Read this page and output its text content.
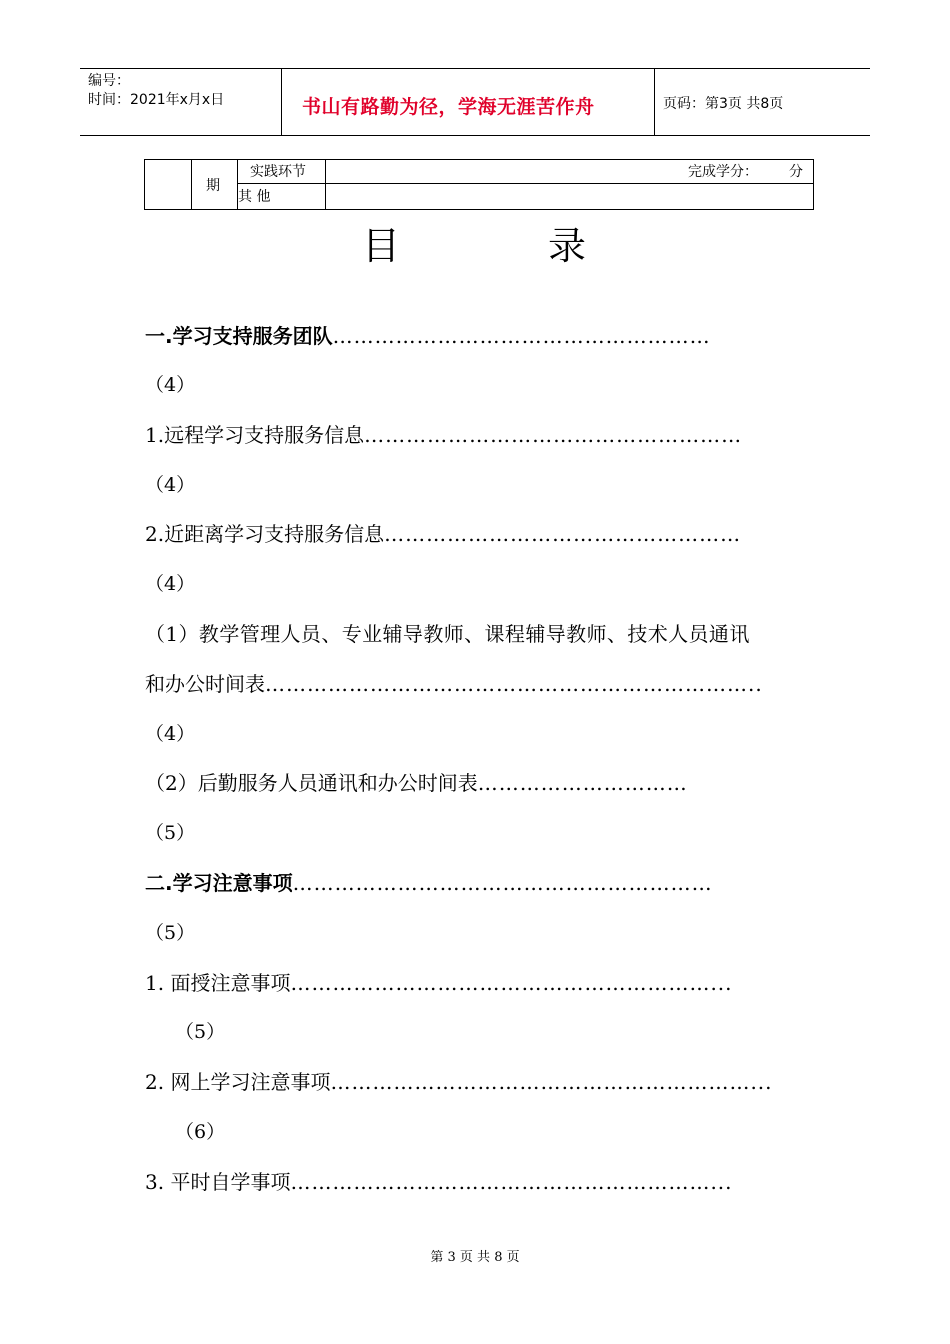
编号：
时间：2021年x月x日	书山有路勤为径，学海无涯苦作舟	页码：第3页 共8页
期
实践环节	完成学分： 分
其 他
目	录
一.学习支持服务团队………………………………………………
（4）
1.远程学习支持服务信息………………………………………………
（4）
2.近距离学习支持服务信息……………………………………………
（4）
（1）教学管理人员、专业辅导教师、课程辅导教师、技术人员通讯
和办公时间表……………………………………………………………..
（4）
（2）后勤服务人员通讯和办公时间表…………………………
（5）
二.学习注意事项……………………………………………………
（5）
1. 面授注意事项……………………………………………………...
（5）
2. 网上学习注意事项……………………………………………………...
（6）
3. 平时自学事项……………………………………………………...
第 3 页 共 8 页
